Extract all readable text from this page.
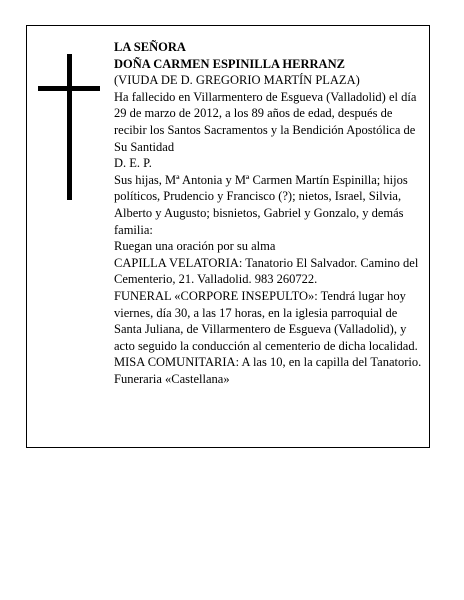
LA SEÑORA

DOÑA CARMEN ESPINILLA HERRANZ

(VIUDA DE D. GREGORIO MARTÍN PLAZA)

Ha fallecido en Villarmentero de Esgueva (Valladolid) el día 29 de marzo de 2012, a los 89 años de edad, después de recibir los Santos Sacramentos y la Bendición Apostólica de Su Santidad

D. E. P.

Sus hijas, Mª Antonia y Mª Carmen Martín Espinilla; hijos políticos, Prudencio y Francisco (?); nietos, Israel, Silvia, Alberto y Augusto; bisnietos, Gabriel y Gonzalo, y demás familia:

Ruegan una oración por su alma

CAPILLA VELATORIA: Tanatorio El Salvador. Camino del Cementerio, 21. Valladolid. 983 260722.

FUNERAL «CORPORE INSEPULTO»: Tendrá lugar hoy viernes, día 30, a las 17 horas, en la iglesia parroquial de Santa Juliana, de Villarmentero de Esgueva (Valladolid), y acto seguido la conducción al cementerio de dicha localidad.

MISA COMUNITARIA: A las 10, en la capilla del Tanatorio.

Funeraria «Castellana»
